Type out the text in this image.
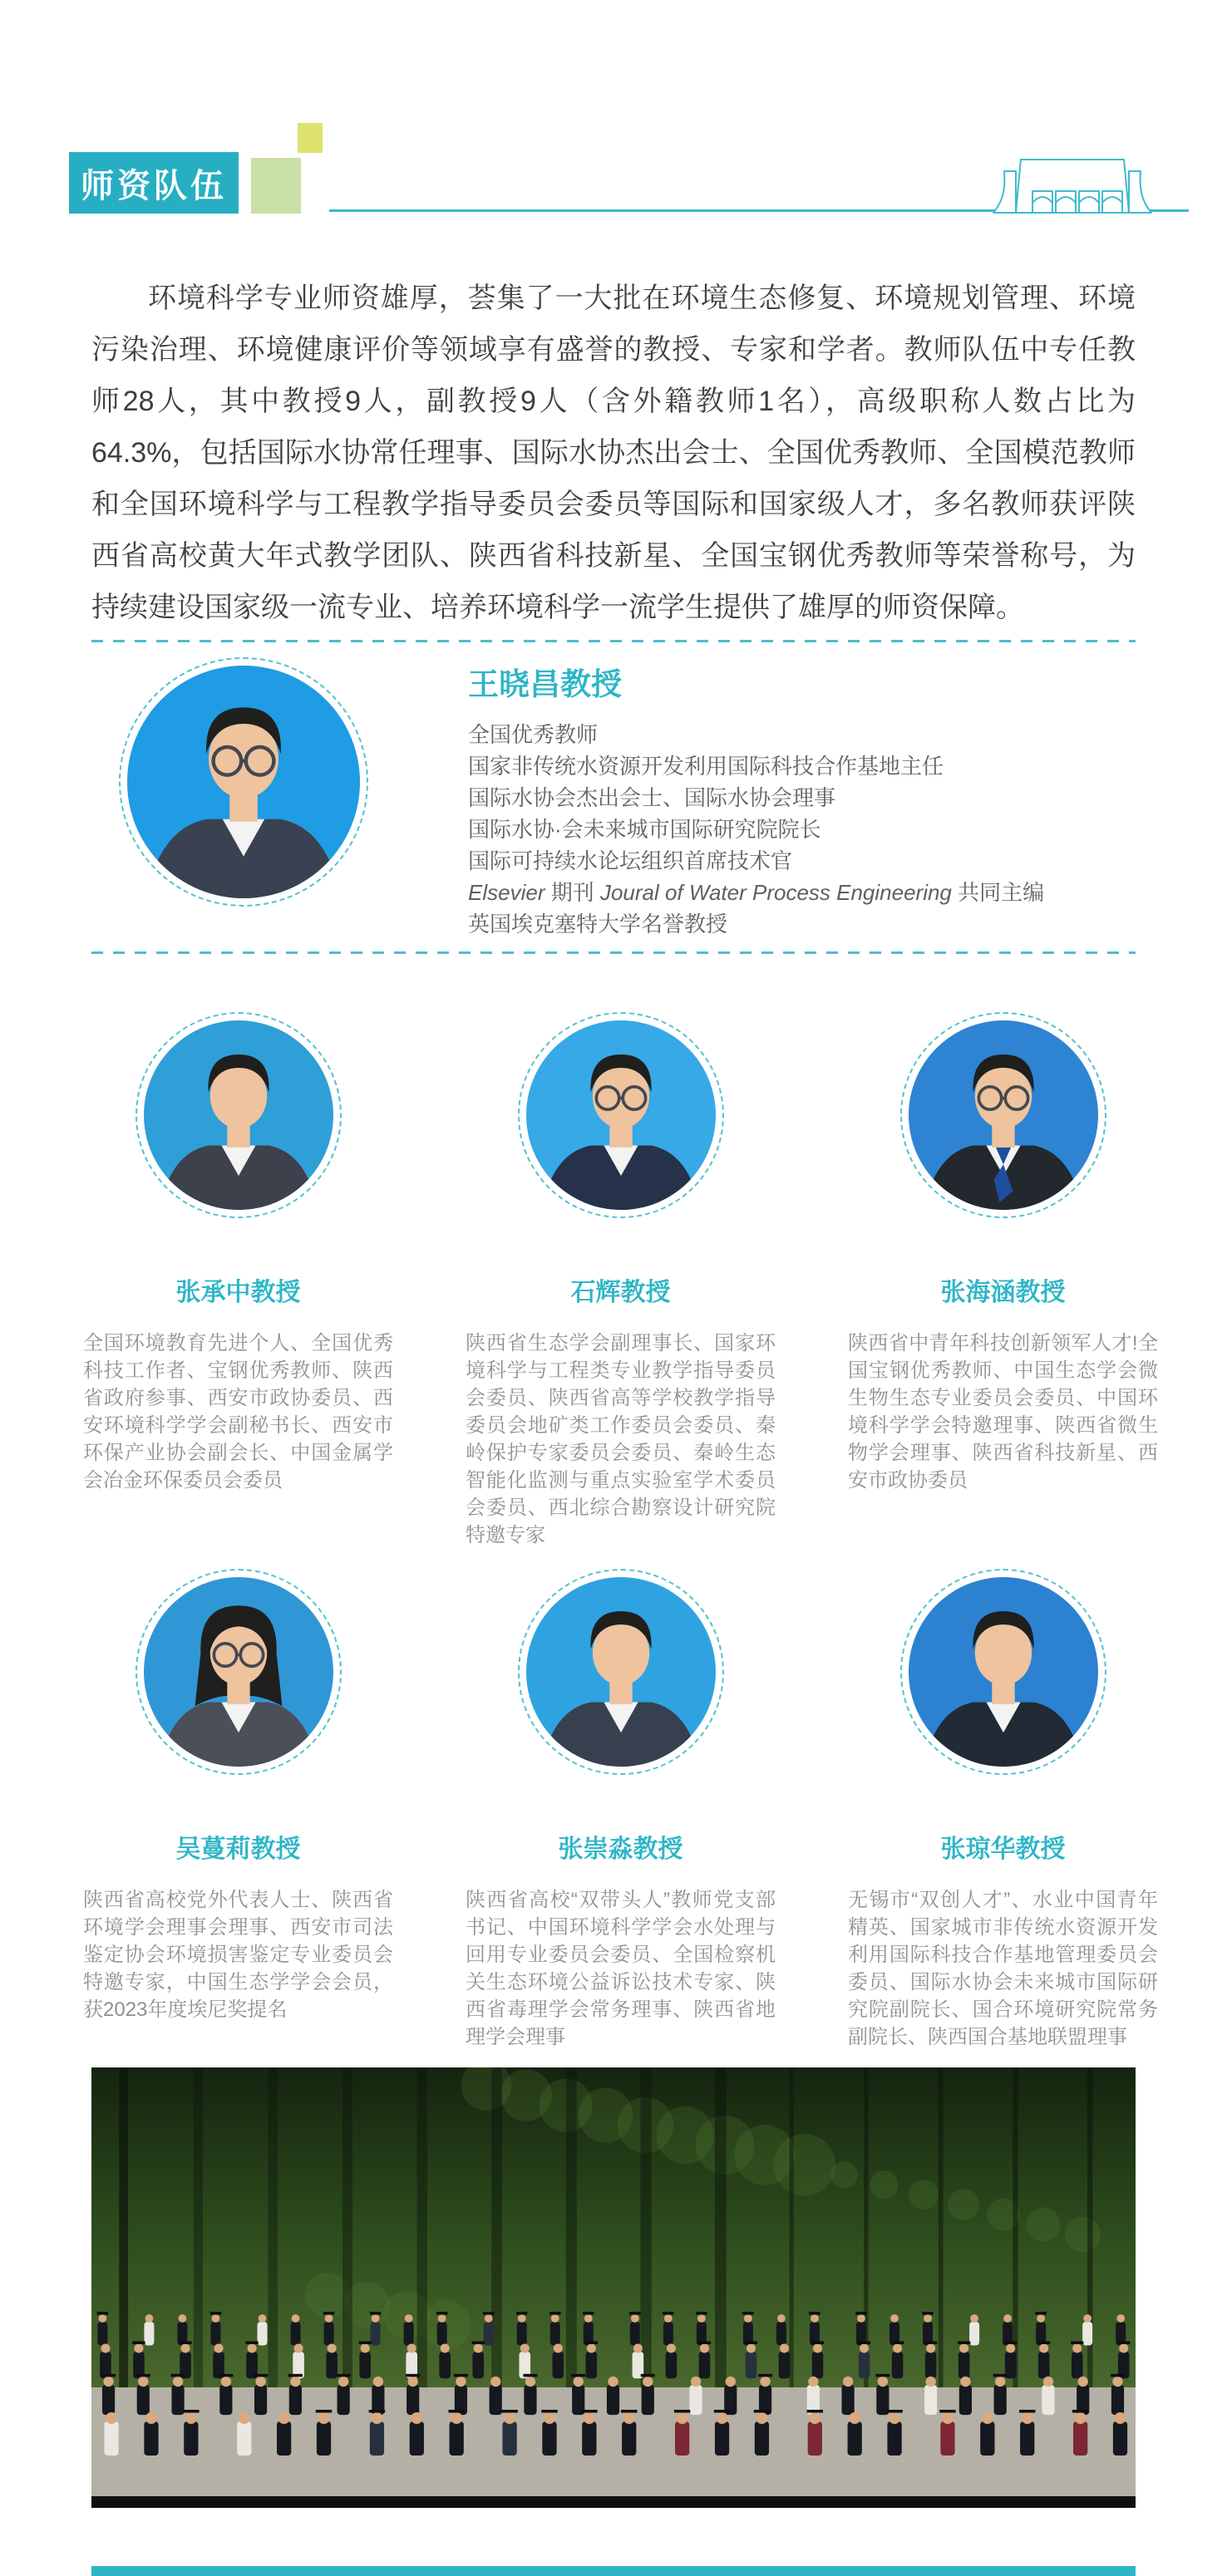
师资队伍
环境科学专业师资雄厚，荟集了一大批在环境生态修复、环境规划管理、环境污染治理、环境健康评价等领域享有盛誉的教授、专家和学者。教师队伍中专任教师28人，其中教授9人，副教授9人（含外籍教师1名），高级职称人数占比为64.3%，包括国际水协常任理事、国际水协杰出会士、全国优秀教师、全国模范教师和全国环境科学与工程教学指导委员会委员等国际和国家级人才，多名教师获评陕西省高校黄大年式教学团队、陕西省科技新星、全国宝钢优秀教师等荣誉称号，为持续建设国家级一流专业、培养环境科学一流学生提供了雄厚的师资保障。
王晓昌教授
全国优秀教师
国家非传统水资源开发利用国际科技合作基地主任
国际水协会杰出会士、国际水协会理事
国际水协·会未来城市国际研究院院长
国际可持续水论坛组织首席技术官
Elsevier 期刊 Joural of Water Process Engineering 共同主编
英国埃克塞特大学名誉教授
张承中教授
全国环境教育先进个人、全国优秀科技工作者、宝钢优秀教师、陕西省政府参事、西安市政协委员、西安环境科学学会副秘书长、西安市环保产业协会副会长、中国金属学会冶金环保委员会委员
石辉教授
陕西省生态学会副理事长、国家环境科学与工程类专业教学指导委员会委员、陕西省高等学校教学指导委员会地矿类工作委员会委员、秦岭保护专家委员会委员、秦岭生态智能化监测与重点实验室学术委员会委员、西北综合勘察设计研究院特邀专家
张海涵教授
陕西省中青年科技创新领军人才!全国宝钢优秀教师、中国生态学会微生物生态专业委员会委员、中国环境科学学会特邀理事、陕西省微生物学会理事、陕西省科技新星、西安市政协委员
吴蔓莉教授
陕西省高校党外代表人士、陕西省环境学会理事会理事、西安市司法鉴定协会环境损害鉴定专业委员会特邀专家，中国生态学学会会员，获2023年度埃尼奖提名
张崇淼教授
陕西省高校“双带头人”教师党支部书记、中国环境科学学会水处理与回用专业委员会委员、全国检察机关生态环境公益诉讼技术专家、陕西省毒理学会常务理事、陕西省地理学会理事
张琼华教授
无锡市“双创人才”、水业中国青年精英、国家城市非传统水资源开发利用国际科技合作基地管理委员会委员、国际水协会未来城市国际研究院副院长、国合环境研究院常务副院长、陕西国合基地联盟理事
